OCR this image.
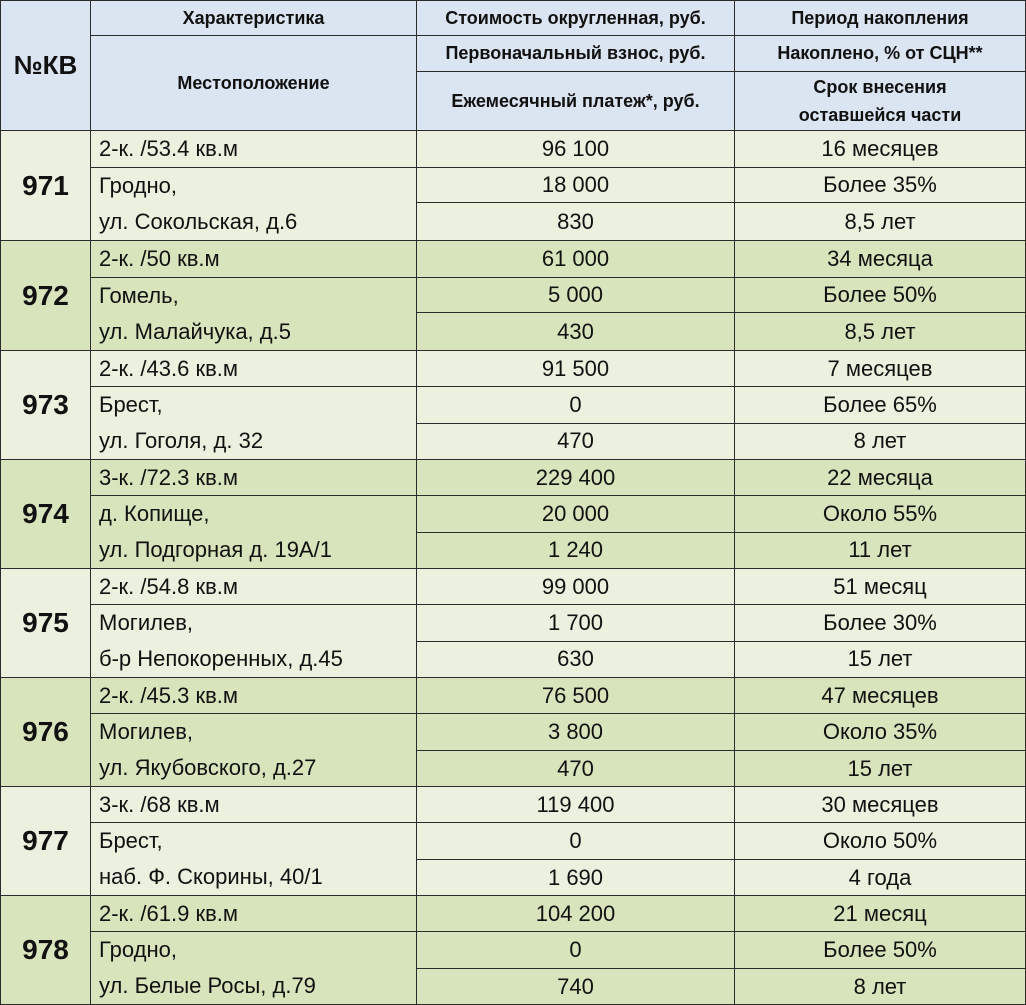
№КВ	Характеристика	Стоимость округленная, руб.	Период накопления
	Местоположение	Первоначальный взнос, руб.	Накоплено, % от СЦН**
		Ежемесячный платеж*, руб.	Срок внесения
оставшейся части
971	2-к. /53.4 кв.м	96 100	16 месяцев
	Гродно,
ул. Сокольская, д.6	18 000	Более 35%
		830	8,5 лет
972	2-к. /50 кв.м	61 000	34 месяца
	Гомель,
ул. Малайчука, д.5	5 000	Более 50%
		430	8,5 лет
973	2-к. /43.6 кв.м	91 500	7 месяцев
	Брест,
ул. Гоголя, д. 32	0	Более 65%
		470	8 лет
974	3-к. /72.3 кв.м	229 400	22 месяца
	д. Копище,
ул. Подгорная д. 19А/1	20 000	Около 55%
		1 240	11 лет
975	2-к. /54.8 кв.м	99 000	51 месяц
	Могилев,
б-р Непокоренных, д.45	1 700	Более 30%
		630	15 лет
976	2-к. /45.3 кв.м	76 500	47 месяцев
	Могилев,
ул. Якубовского, д.27	3 800	Около 35%
		470	15 лет
977	3-к. /68 кв.м	119 400	30 месяцев
	Брест,
наб. Ф. Скорины, 40/1	0	Около 50%
		1 690	4 года
978	2-к. /61.9 кв.м	104 200	21 месяц
	Гродно,
ул. Белые Росы, д.79	0	Более 50%
		740	8 лет
